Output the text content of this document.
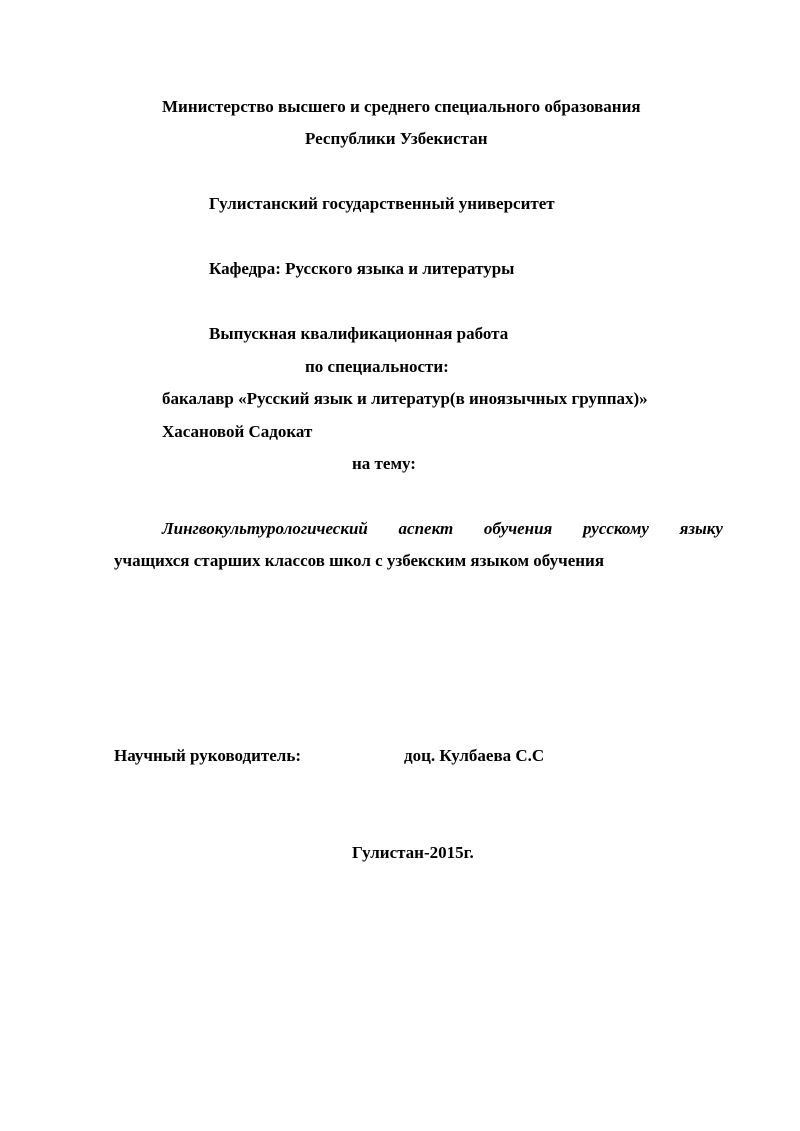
Министерство высшего и среднего специального образования
Республики Узбекистан
Гулистанский государственный университет
Кафедра: Русского языка и литературы
Выпускная квалификационная работа
по специальности:
бакалавр «Русский язык и литератур(в иноязычных группах)»
Хасановой Садокат
на тему:
Лингвокультурологический аспект обучения русскому языку
учащихся старших классов школ с узбекским языком обучения
Научный руководитель:	доц. Кулбаева С.С
Гулистан-2015г.
